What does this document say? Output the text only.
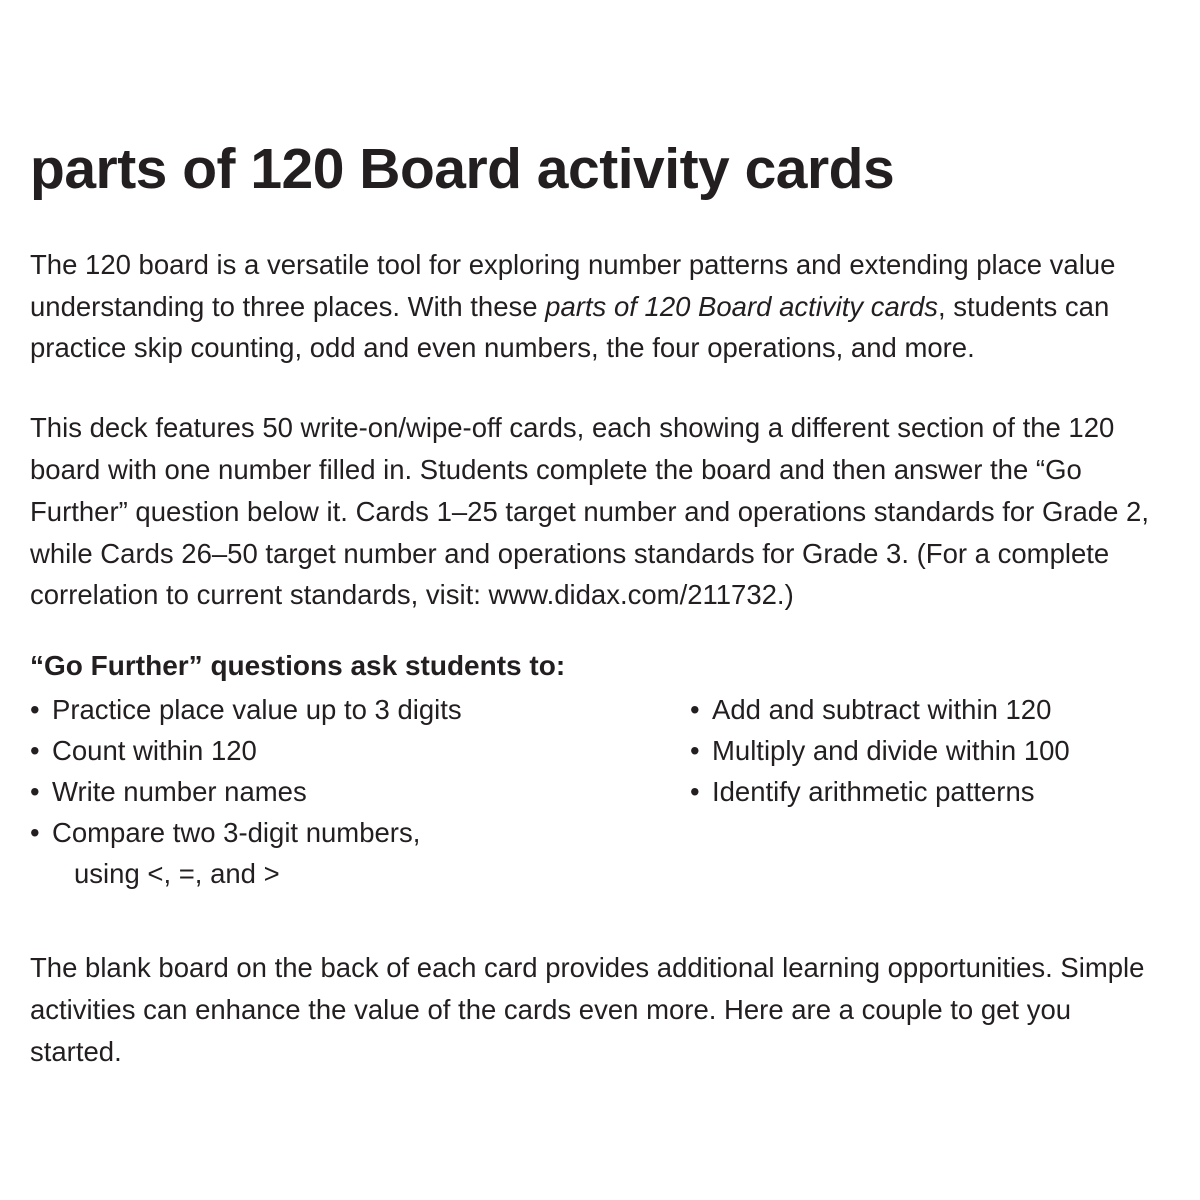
parts of 120 Board activity cards

The 120 board is a versatile tool for exploring number patterns and extending place value understanding to three places. With these parts of 120 Board activity cards, students can practice skip counting, odd and even numbers, the four operations, and more.

This deck features 50 write-on/wipe-off cards, each showing a different section of the 120 board with one number filled in. Students complete the board and then answer the “Go Further” question below it. Cards 1–25 target number and operations standards for Grade 2, while Cards 26–50 target number and operations standards for Grade 3. (For a complete correlation to current standards, visit: www.didax.com/211732.)

“Go Further” questions ask students to:
• Practice place value up to 3 digits
• Count within 120
• Write number names
• Compare two 3-digit numbers,
using <, =, and >
• Add and subtract within 120
• Multiply and divide within 100
• Identify arithmetic patterns

The blank board on the back of each card provides additional learning opportunities. Simple activities can enhance the value of the cards even more. Here are a couple to get you started.
